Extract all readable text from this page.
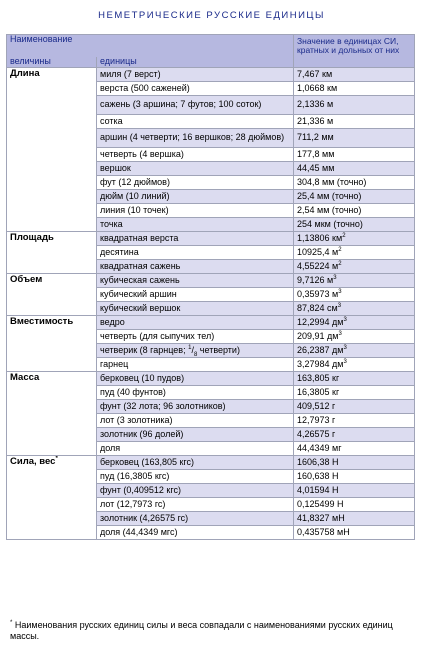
НЕМЕТРИЧЕСКИЕ РУССКИЕ ЕДИНИЦЫ
Наименование		Значение в единицах СИ, кратных и дольных от них
величины	единицы	
Длина	миля (7 верст)	7,467 км
	верста (500 саженей)	1,0668 км
	сажень (3 аршина; 7 футов; 100 соток)	2,1336 м
	сотка	21,336 м
	аршин (4 четверти; 16 вершков; 28 дюймов)	711,2 мм
	четверть (4 вершка)	177,8 мм
	вершок	44,45 мм
	фут (12 дюймов)	304,8 мм (точно)
	дюйм (10 линий)	25,4 мм (точно)
	линия (10 точек)	2,54 мм (точно)
	точка	254 мкм (точно)
Площадь	квадратная верста	1,13806 $км^2$
	десятина	10925,4 $м^2$
	квадратная сажень	4,55224 $м^2$
Объем	кубическая сажень	9,7126 $м^3$
	кубический аршин	0,35973 $м^3$
	кубический вершок	87,824 $см^3$
Вместимость	ведро	12,2994 $дм^3$
	четверть (для сыпучих тел)	209,91 $дм^3$
	четверик (8 гарнцев; $^1/_8$ четверти)	26,2387 $дм^3$
	гарнец	3,27984 $дм^3$
Масса	берковец (10 пудов)	163,805 кг
	пуд (40 фунтов)	16,3805 кг
	фунт (32 лота; 96 золотников)	409,512 г
	лот (3 золотника)	12,7973 г
	золотник (96 долей)	4,26575 г
	доля	44,4349 мг
Сила, вес*	берковец (163,805 кгс)	1606,38 Н
	пуд (16,3805 кгс)	160,638 Н
	фунт (0,409512 кгс)	4,01594 Н
	лот (12,7973 гс)	0,125499 Н
	золотник (4,26575 гс)	41,8327 мН
	доля (44,4349 мгс)	0,435758 мН
* Наименования русских единиц силы и веса совпадали с наименованиями русских единиц массы.
